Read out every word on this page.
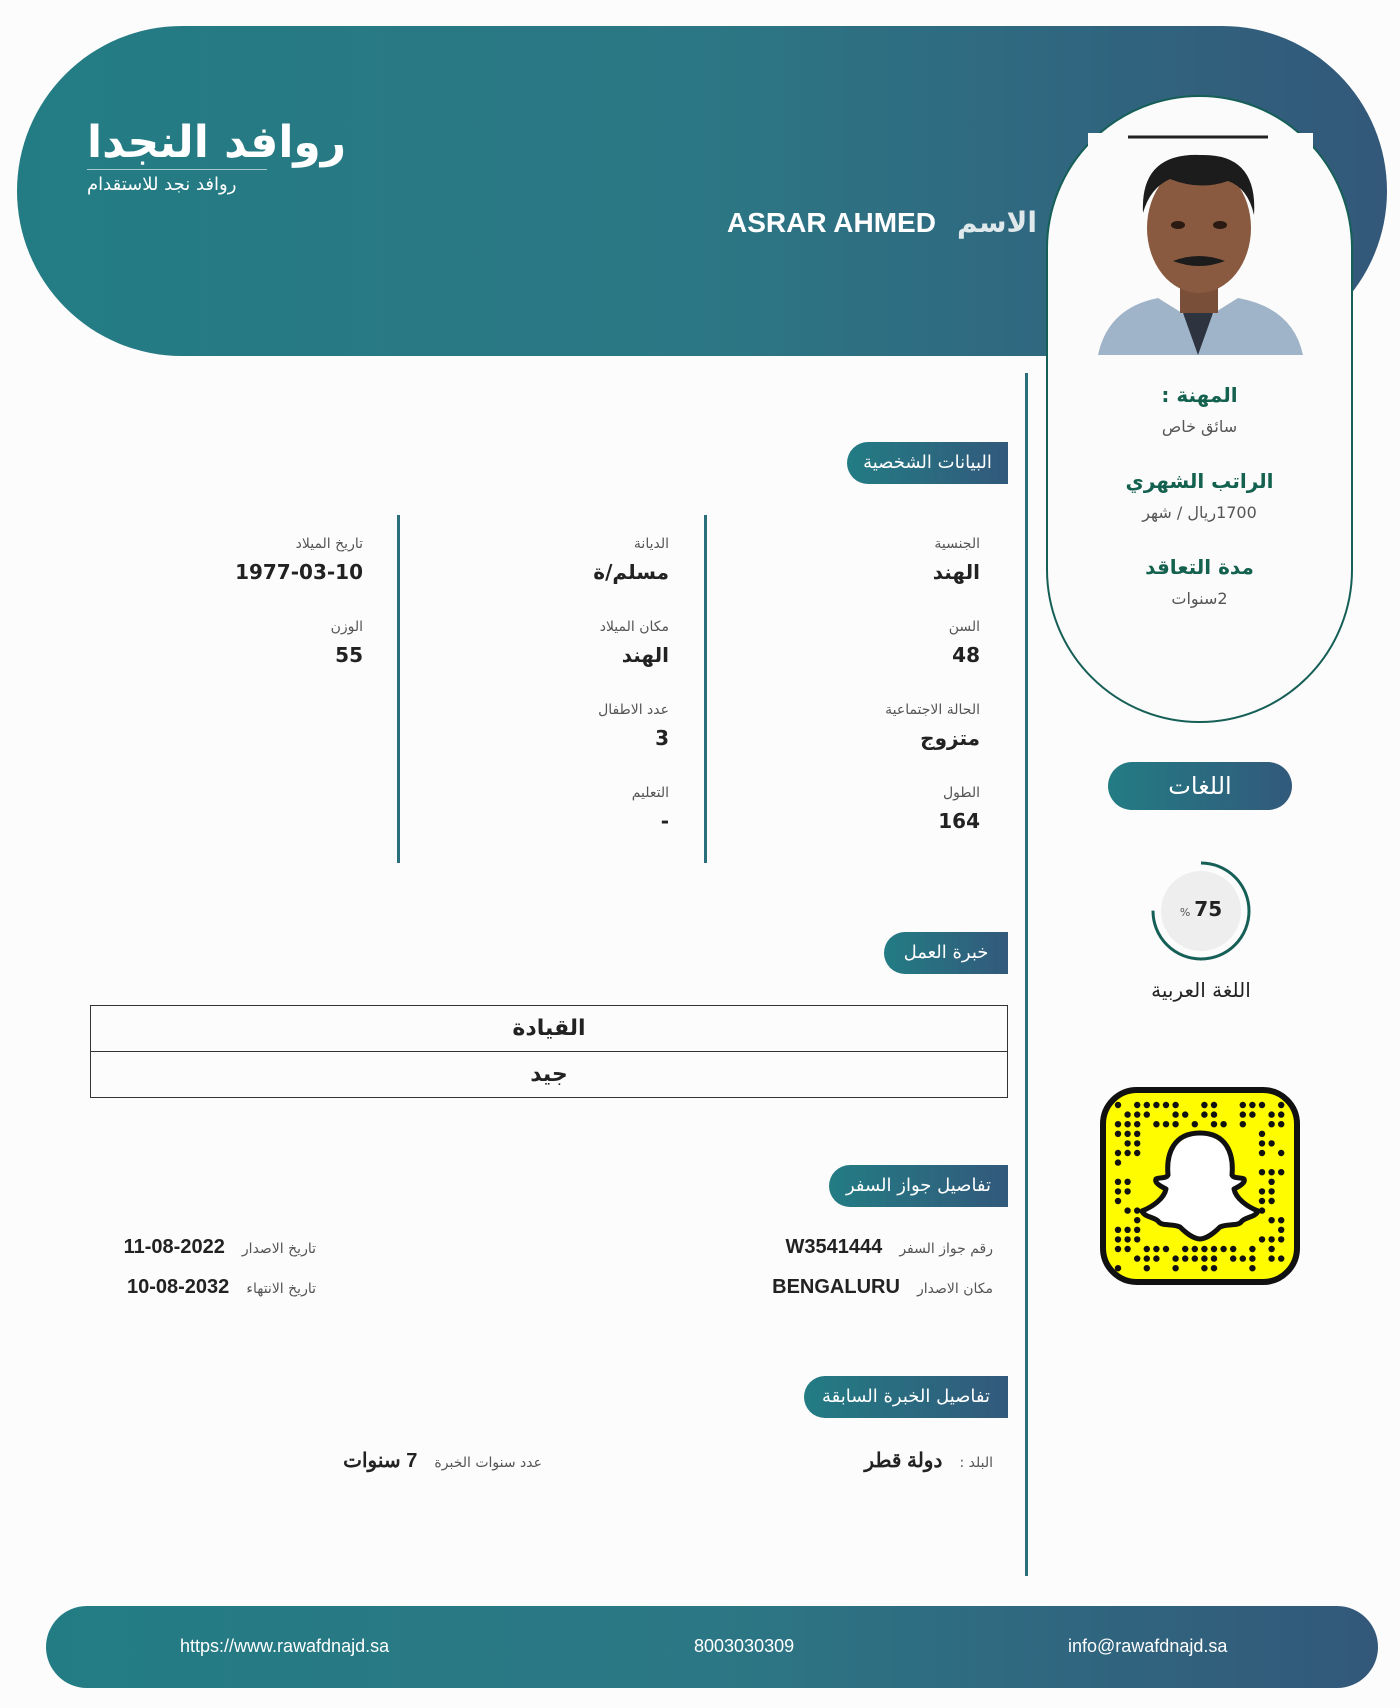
روافد النجدا
روافد نجد للاستقدام
الاسم ASRAR AHMED
المهنة :
سائق خاص
الراتب الشهري
1700ريال / شهر
مدة التعاقد
2سنوات
البيانات الشخصية
الجنسية
الهند
السن
48
الحالة الاجتماعية
متزوج
الطول
164
الديانة
مسلم/ة
مكان الميلاد
الهند
عدد الاطفال
3
التعليم
-
تاريخ الميلاد
1977-03-10
الوزن
55
خبرة العمل
القيادة
جيد
تفاصيل جواز السفر
رقم جواز السفر W3541444
مكان الاصدار BENGALURU
تاريخ الاصدار 2022-08-11
تاريخ الانتهاء 2032-08-10
تفاصيل الخبرة السابقة
البلد : دولة قطر
عدد سنوات الخبرة 7 سنوات
اللغات
% 75
اللغة العربية
https://www.rawafdnajd.sa	8003030309	info@rawafdnajd.sa
